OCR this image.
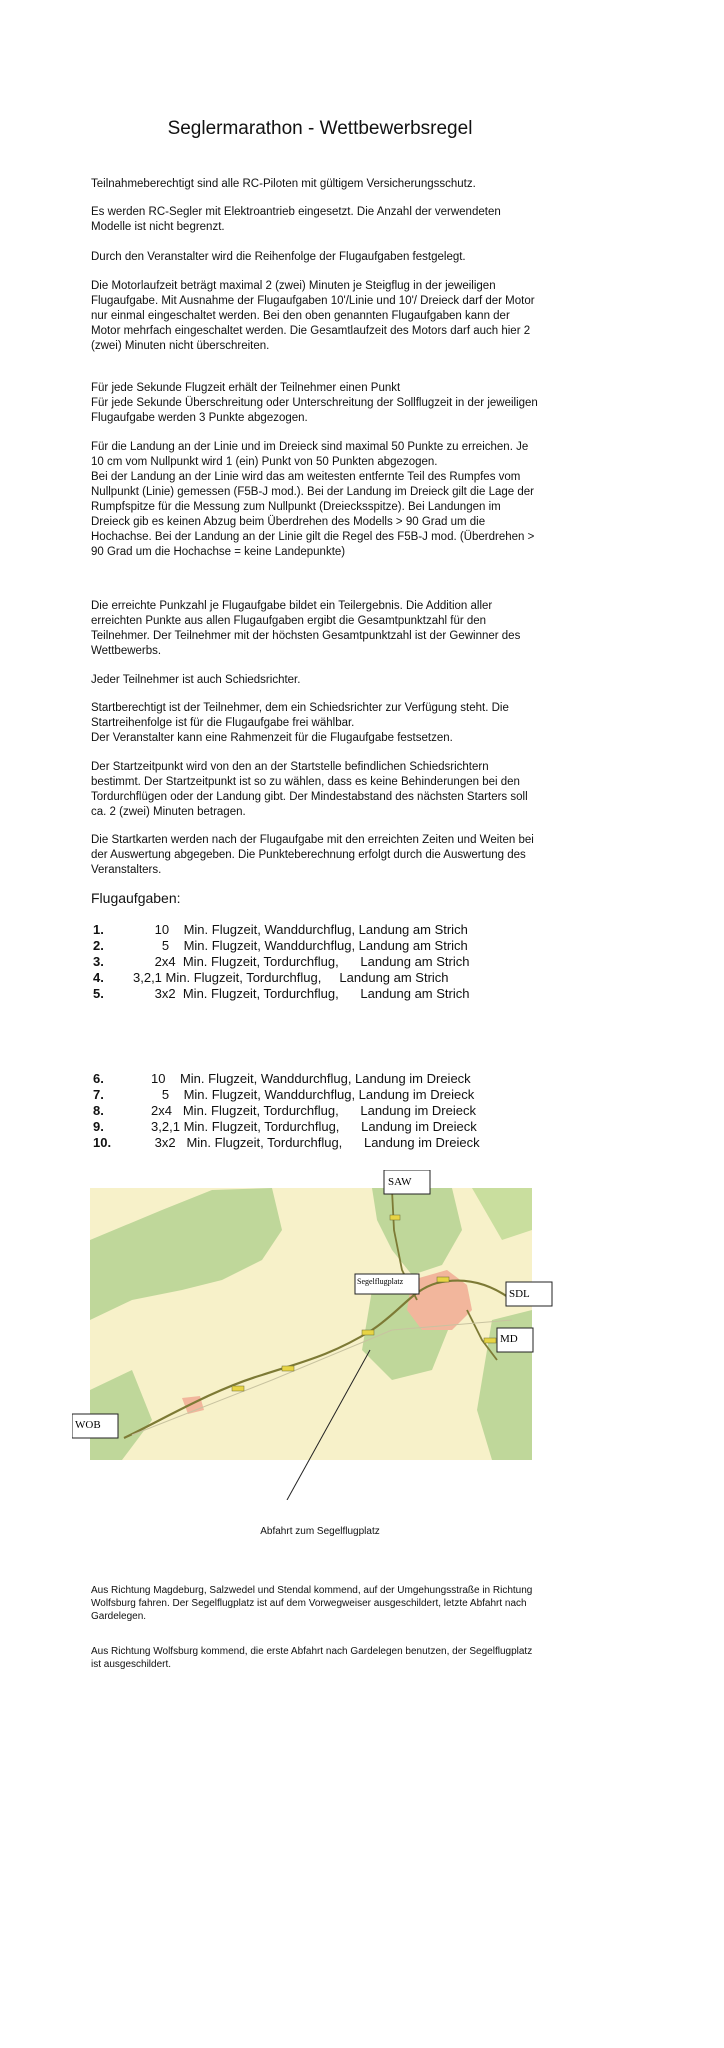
Seglermarathon - Wettbewerbsregel

Teilnahmeberechtigt sind alle RC-Piloten mit gültigem Versicherungsschutz.

Es werden RC-Segler mit Elektroantrieb eingesetzt. Die Anzahl der verwendeten Modelle ist nicht begrenzt.

Durch den Veranstalter wird die Reihenfolge der Flugaufgaben festgelegt.

Die Motorlaufzeit beträgt maximal 2 (zwei) Minuten je Steigflug in der jeweiligen Flugaufgabe. Mit Ausnahme der Flugaufgaben 10'/Linie und 10'/ Dreieck darf der Motor nur einmal eingeschaltet werden. Bei den oben genannten Flugaufgaben kann der Motor mehrfach eingeschaltet werden. Die Gesamtlaufzeit des Motors darf auch hier 2 (zwei) Minuten nicht überschreiten.

Für jede Sekunde Flugzeit erhält der Teilnehmer einen Punkt
Für jede Sekunde Überschreitung oder Unterschreitung der Sollflugzeit in der jeweiligen Flugaufgabe werden 3 Punkte abgezogen.

Für die Landung an der Linie und im Dreieck sind maximal 50 Punkte zu erreichen. Je 10 cm vom Nullpunkt wird 1 (ein) Punkt von 50 Punkten abgezogen.
Bei der Landung an der Linie wird das am weitesten entfernte Teil des Rumpfes vom Nullpunkt (Linie) gemessen (F5B-J mod.). Bei der Landung im Dreieck gilt die Lage der Rumpfspitze für die Messung zum Nullpunkt (Dreiecksspitze). Bei Landungen im Dreieck gib es keinen Abzug beim Überdrehen des Modells > 90 Grad um die Hochachse. Bei der Landung an der Linie gilt die Regel des F5B-J mod. (Überdrehen > 90 Grad um die Hochachse = keine Landepunkte)

Die erreichte Punkzahl je Flugaufgabe bildet ein Teilergebnis. Die Addition aller erreichten Punkte aus allen Flugaufgaben ergibt die Gesamtpunktzahl für den Teilnehmer. Der Teilnehmer mit der höchsten Gesamtpunktzahl ist der Gewinner des Wettbewerbs.

Jeder Teilnehmer ist auch Schiedsrichter.

Startberechtigt ist der Teilnehmer, dem ein Schiedsrichter zur Verfügung steht. Die Startreihenfolge ist für die Flugaufgabe frei wählbar.
Der Veranstalter kann eine Rahmenzeit für die Flugaufgabe festsetzen.

Der Startzeitpunkt wird von den an der Startstelle befindlichen Schiedsrichtern bestimmt. Der Startzeitpunkt ist so zu wählen, dass es keine Behinderungen bei den Tordurchflügen oder der Landung gibt. Der Mindestabstand des nächsten Starters soll ca. 2 (zwei) Minuten betragen.

Die Startkarten werden nach der Flugaufgabe mit den erreichten Zeiten und Weiten bei der Auswertung abgegeben. Die Punkteberechnung erfolgt durch die Auswertung des Veranstalters.

Flugaufgaben:
1.      10    Min. Flugzeit, Wanddurchflug, Landung am Strich
2.        5    Min. Flugzeit, Wanddurchflug, Landung am Strich
3.      2x4  Min. Flugzeit, Tordurchflug,      Landung am Strich
4. 3,2,1 Min. Flugzeit, Tordurchflug,     Landung am Strich
5.      3x2  Min. Flugzeit, Tordurchflug,      Landung am Strich
6.     10    Min. Flugzeit, Wanddurchflug, Landung im Dreieck
7.        5    Min. Flugzeit, Wanddurchflug, Landung im Dreieck
8.     2x4   Min. Flugzeit, Tordurchflug,      Landung im Dreieck
9.     3,2,1 Min. Flugzeit, Tordurchflug,      Landung im Dreieck
10.      3x2   Min. Flugzeit, Tordurchflug,      Landung im Dreieck
SAW
Segelflugplatz
SDL
MD
WOB
Abfahrt zum Segelflugplatz

Aus Richtung Magdeburg, Salzwedel und Stendal kommend, auf der Umgehungsstraße in Richtung Wolfsburg fahren. Der Segelflugplatz ist auf dem Vorwegweiser ausgeschildert, letzte Abfahrt nach Gardelegen.

Aus Richtung Wolfsburg kommend, die erste Abfahrt nach Gardelegen benutzen, der Segelflugplatz ist ausgeschildert.
